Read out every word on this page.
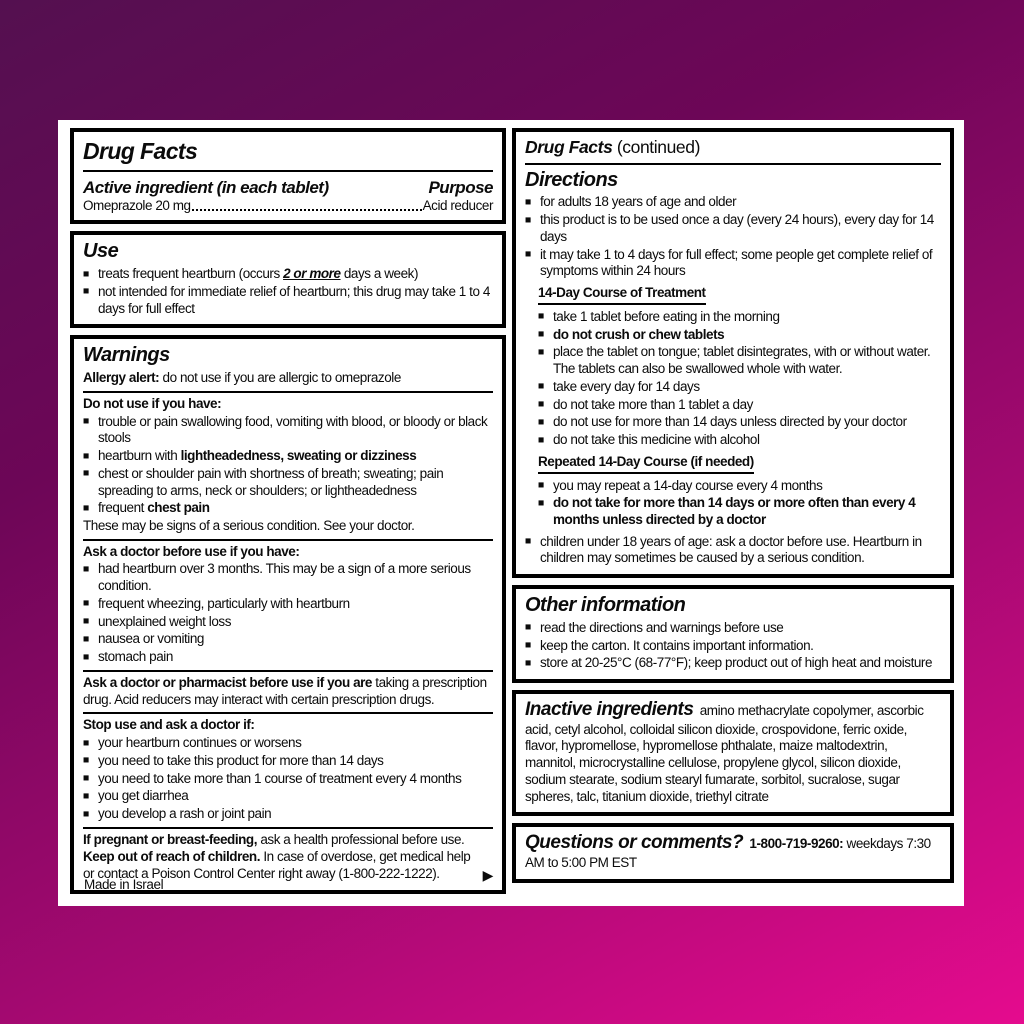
Drug Facts
Active ingredient (in each tablet)	Purpose
Omeprazole 20 mg	Acid reducer
Use
■ treats frequent heartburn (occurs 2 or more days a week)
■ not intended for immediate relief of heartburn; this drug may take 1 to 4 days for full effect
Warnings
Allergy alert: do not use if you are allergic to omeprazole
Do not use if you have:
■ trouble or pain swallowing food, vomiting with blood, or bloody or black stools
■ heartburn with lightheadedness, sweating or dizziness
■ chest or shoulder pain with shortness of breath; sweating; pain spreading to arms, neck or shoulders; or lightheadedness
■ frequent chest pain
These may be signs of a serious condition. See your doctor.
Ask a doctor before use if you have:
■ had heartburn over 3 months. This may be a sign of a more serious condition.
■ frequent wheezing, particularly with heartburn
■ unexplained weight loss
■ nausea or vomiting
■ stomach pain
Ask a doctor or pharmacist before use if you are taking a prescription drug. Acid reducers may interact with certain prescription drugs.
Stop use and ask a doctor if:
■ your heartburn continues or worsens
■ you need to take this product for more than 14 days
■ you need to take more than 1 course of treatment every 4 months
■ you get diarrhea
■ you develop a rash or joint pain
If pregnant or breast-feeding, ask a health professional before use.
Keep out of reach of children. In case of overdose, get medical help or contact a Poison Control Center right away (1-800-222-1222).	▶
Made in Israel
Drug Facts (continued)
Directions
■ for adults 18 years of age and older
■ this product is to be used once a day (every 24 hours), every day for 14 days
■ it may take 1 to 4 days for full effect; some people get complete relief of symptoms within 24 hours
14-Day Course of Treatment
■ take 1 tablet before eating in the morning
■ do not crush or chew tablets
■ place the tablet on tongue; tablet disintegrates, with or without water. The tablets can also be swallowed whole with water.
■ take every day for 14 days
■ do not take more than 1 tablet a day
■ do not use for more than 14 days unless directed by your doctor
■ do not take this medicine with alcohol
Repeated 14-Day Course (if needed)
■ you may repeat a 14-day course every 4 months
■ do not take for more than 14 days or more often than every 4 months unless directed by a doctor
■ children under 18 years of age: ask a doctor before use. Heartburn in children may sometimes be caused by a serious condition.
Other information
■ read the directions and warnings before use
■ keep the carton. It contains important information.
■ store at 20-25°C (68-77°F); keep product out of high heat and moisture
Inactive ingredients amino methacrylate copolymer, ascorbic acid, cetyl alcohol, colloidal silicon dioxide, crospovidone, ferric oxide, flavor, hypromellose, hypromellose phthalate, maize maltodextrin, mannitol, microcrystalline cellulose, propylene glycol, silicon dioxide, sodium stearate, sodium stearyl fumarate, sorbitol, sucralose, sugar spheres, talc, titanium dioxide, triethyl citrate
Questions or comments? 1-800-719-9260: weekdays 7:30 AM to 5:00 PM EST
